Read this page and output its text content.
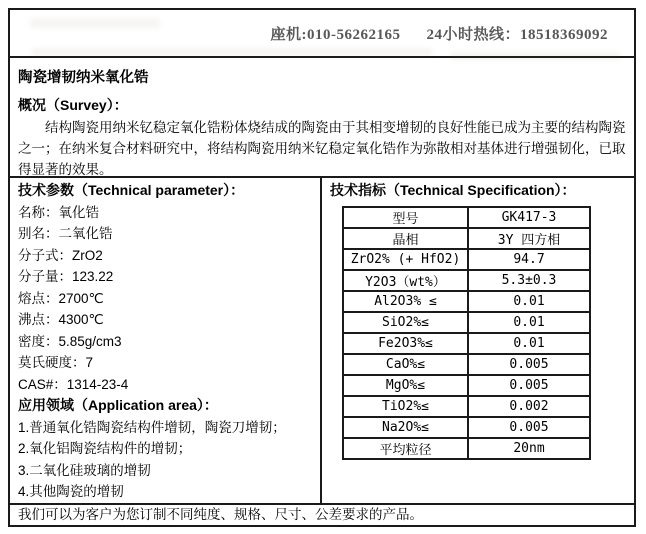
座机:010-56262165 24小时热线：18518369092
陶瓷增韧纳米氧化锆
概况（Survey）：

结构陶瓷用纳米钇稳定氧化锆粉体烧结成的陶瓷由于其相变增韧的良好性能已成为主要的结构陶瓷之一；在纳米复合材料研究中，将结构陶瓷用纳米钇稳定氧化锆作为弥散相对基体进行增强韧化，已取得显著的效果。

技术参数（Technical parameter）：
名称：氧化锆
别名：二氧化锆
分子式：ZrO2
分子量：123.22
熔点：2700℃
沸点：4300℃
密度：5.85g/cm3
莫氏硬度：7
CAS#：1314-23-4
应用领域（Application area）：
1.普通氧化锆陶瓷结构件增韧，陶瓷刀增韧；
2.氧化铝陶瓷结构件的增韧；
3.二氧化硅玻璃的增韧
4.其他陶瓷的增韧
技术指标（Technical Specification）：
型号	GK417-3
晶相	3Y 四方相
ZrO2% (+ HfO2)	94.7
Y2O3（wt%）	5.3±0.3
Al2O3% ≤	0.01
SiO2%≤	0.01
Fe2O3%≤	0.01
CaO%≤	0.005
MgO%≤	0.005
TiO2%≤	0.002
Na2O%≤	0.005
平均粒径	20nm
我们可以为客户为您订制不同纯度、规格、尺寸、公差要求的产品。
